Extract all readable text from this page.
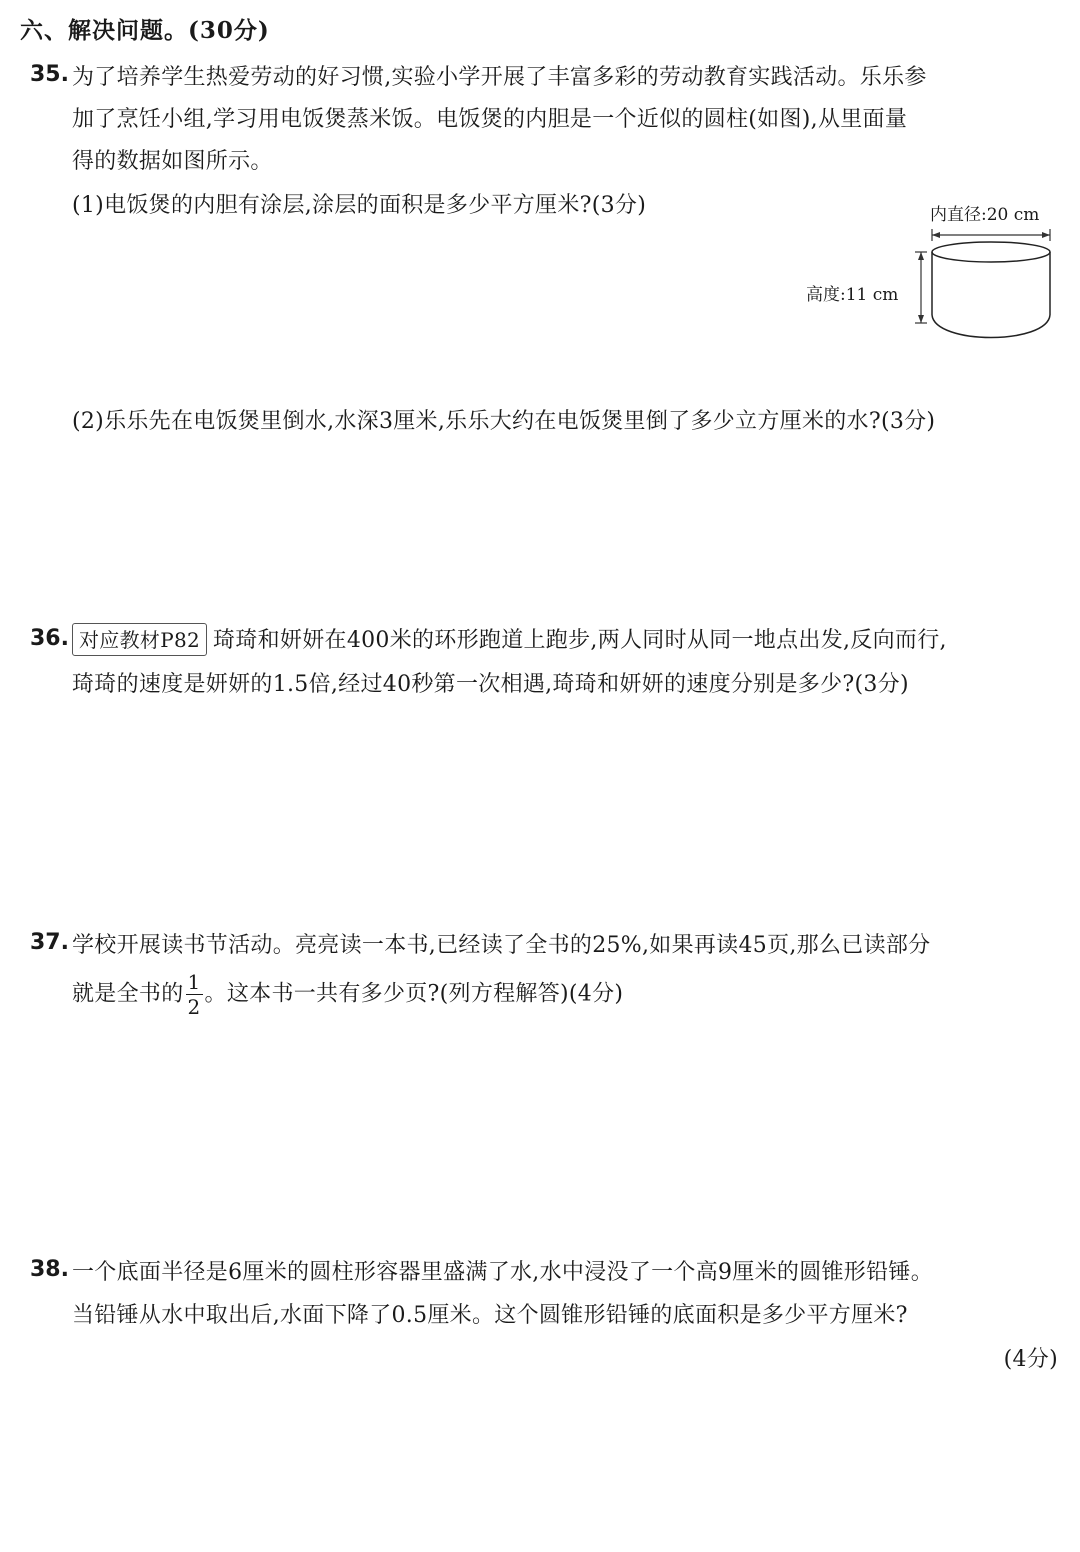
六、解决问题。(30分)
35. 为了培养学生热爱劳动的好习惯,实验小学开展了丰富多彩的劳动教育实践活动。乐乐参
加了烹饪小组,学习用电饭煲蒸米饭。电饭煲的内胆是一个近似的圆柱(如图),从里面量
得的数据如图所示。
(1)电饭煲的内胆有涂层,涂层的面积是多少平方厘米?(3分)	内直径:20 cm
高度:11 cm
(2)乐乐先在电饭煲里倒水,水深3厘米,乐乐大约在电饭煲里倒了多少立方厘米的水?(3分)
36. 对应教材P82 琦琦和妍妍在400米的环形跑道上跑步,两人同时从同一地点出发,反向而行,
琦琦的速度是妍妍的1.5倍,经过40秒第一次相遇,琦琦和妍妍的速度分别是多少?(3分)
37. 学校开展读书节活动。亮亮读一本书,已经读了全书的25%,如果再读45页,那么已读部分
就是全书的 $\frac{1}{2}$ 。这本书一共有多少页?(列方程解答)(4分)
38. 一个底面半径是6厘米的圆柱形容器里盛满了水,水中浸没了一个高9厘米的圆锥形铅锤。
当铅锤从水中取出后,水面下降了0.5厘米。这个圆锥形铅锤的底面积是多少平方厘米?
(4分)
